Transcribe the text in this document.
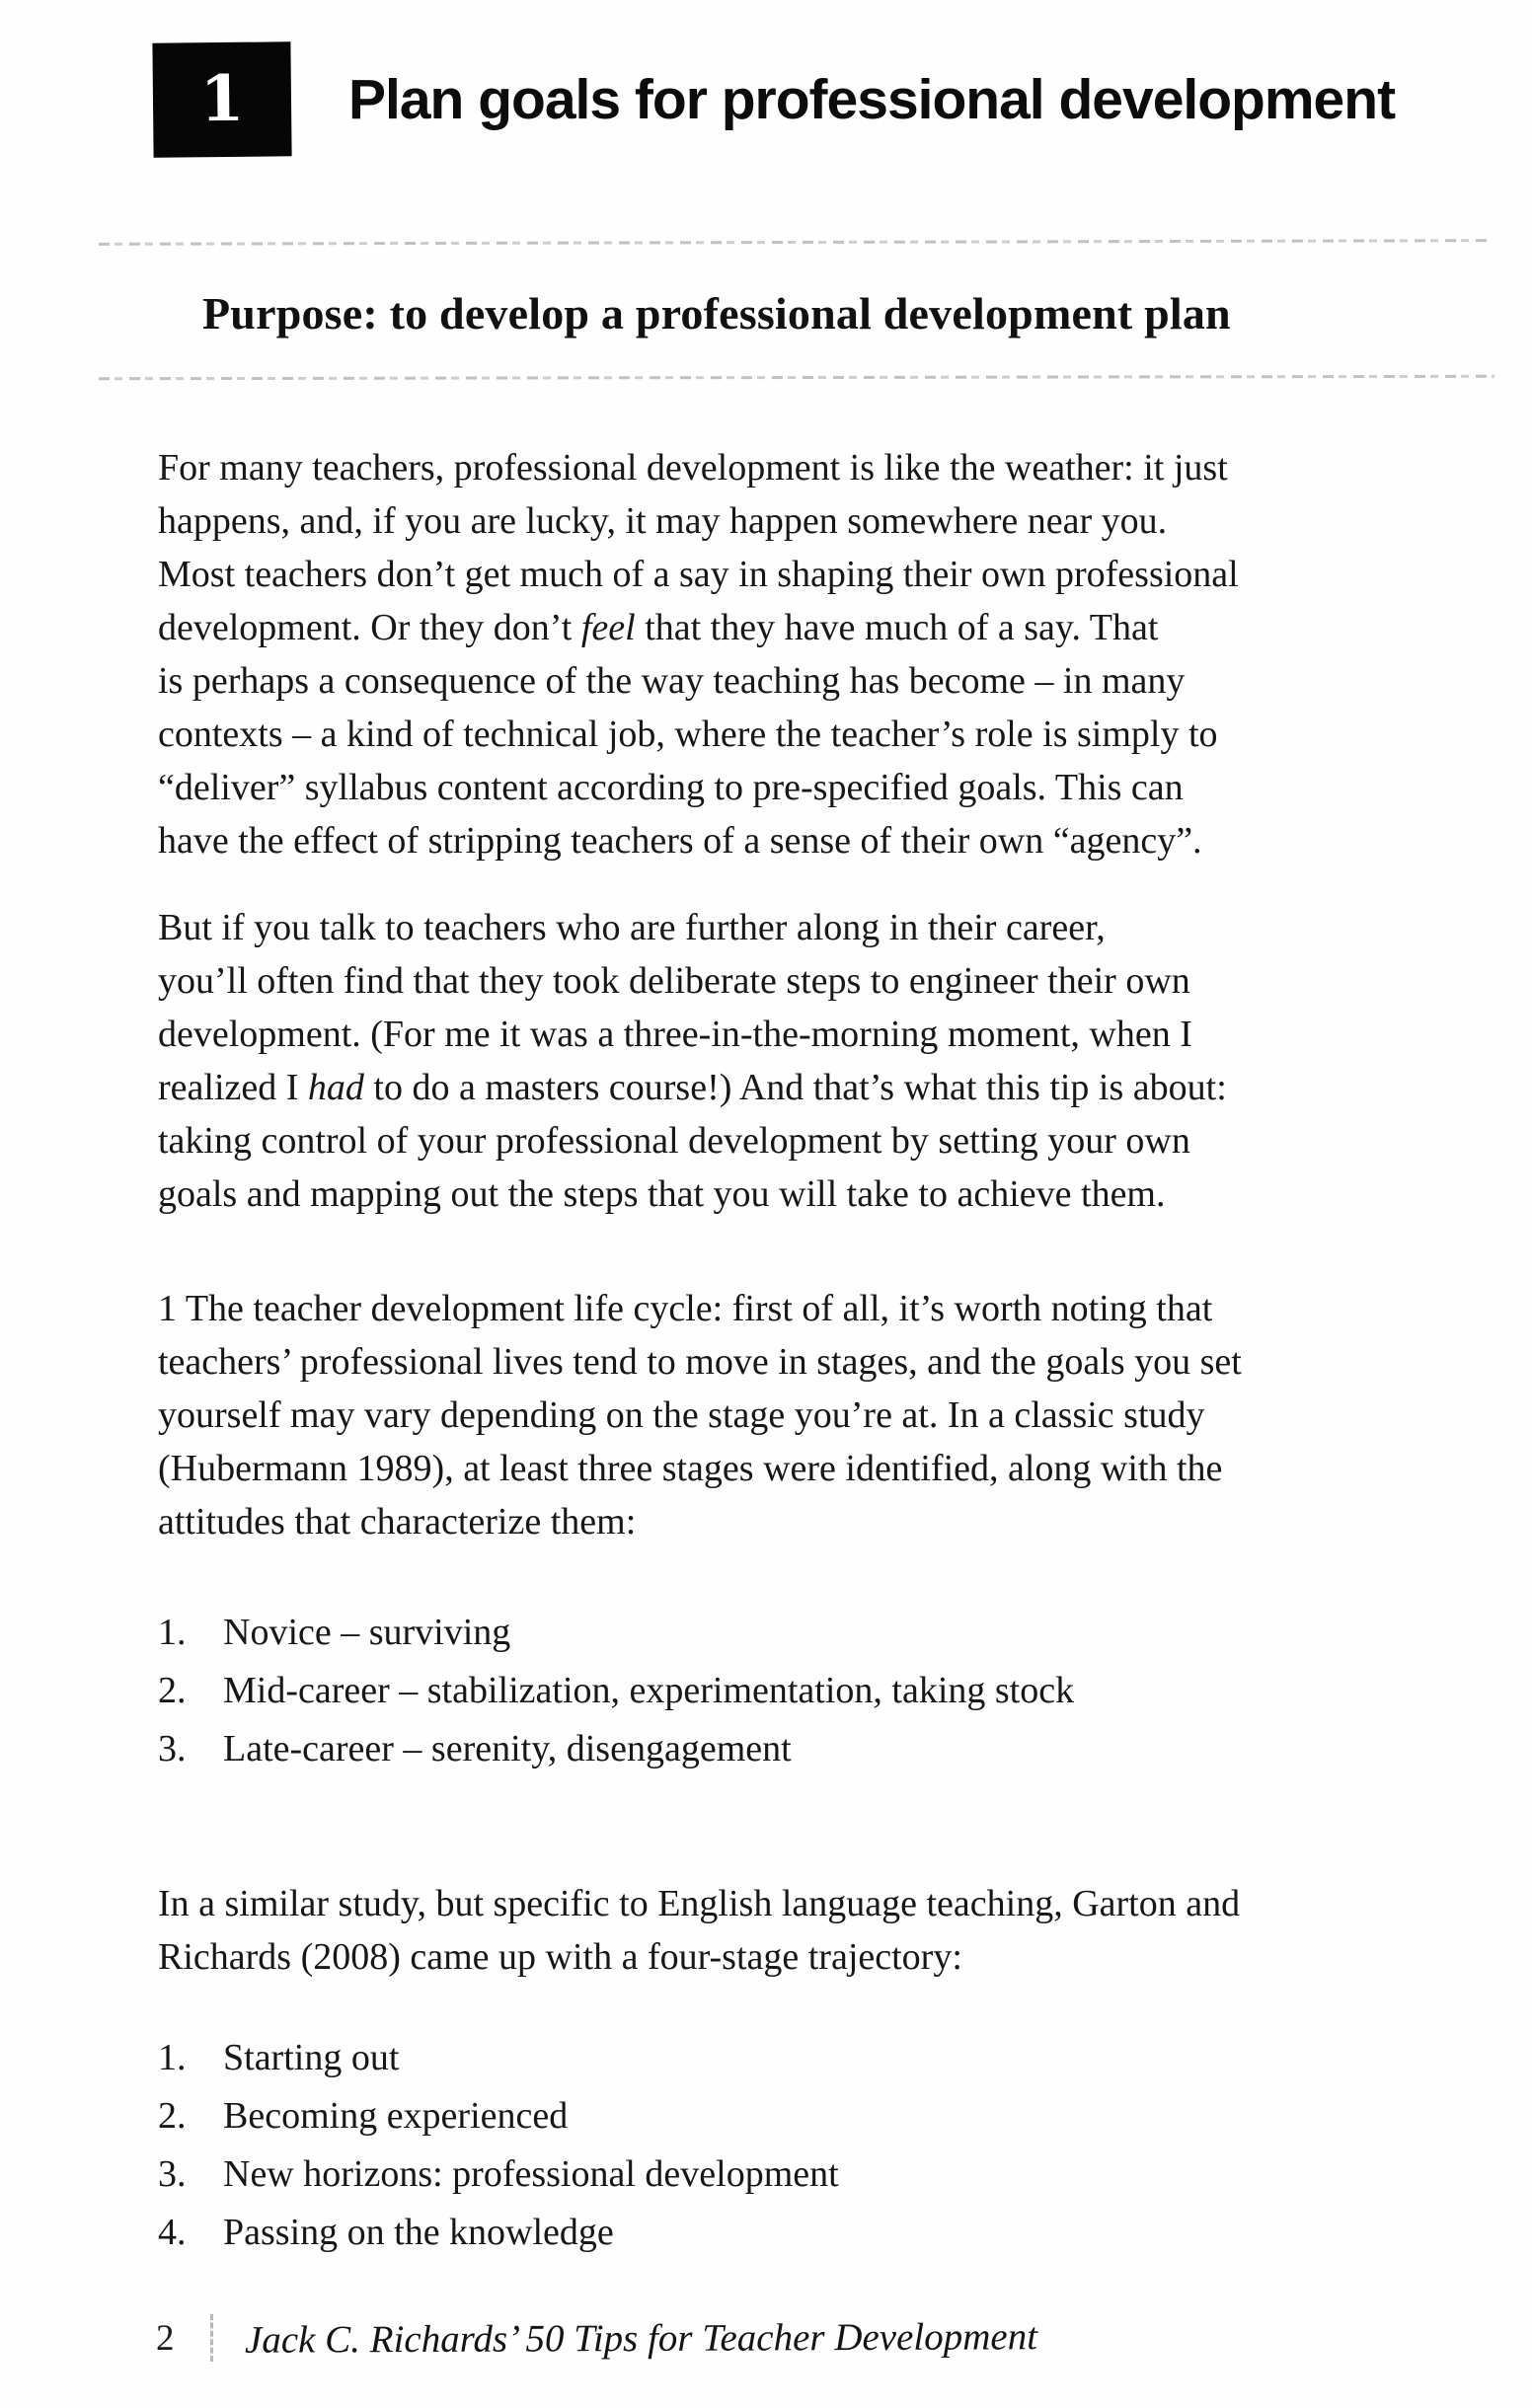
1 Plan goals for professional development
Purpose: to develop a professional development plan

For many teachers, professional development is like the weather: it just
happens, and, if you are lucky, it may happen somewhere near you.
Most teachers don’t get much of a say in shaping their own professional
development. Or they don’t feel that they have much of a say. That
is perhaps a consequence of the way teaching has become – in many
contexts – a kind of technical job, where the teacher’s role is simply to
“deliver” syllabus content according to pre-specified goals. This can
have the effect of stripping teachers of a sense of their own “agency”.

But if you talk to teachers who are further along in their career,
you’ll often find that they took deliberate steps to engineer their own
development. (For me it was a three-in-the-morning moment, when I
realized I had to do a masters course!) And that’s what this tip is about:
taking control of your professional development by setting your own
goals and mapping out the steps that you will take to achieve them.

1 The teacher development life cycle: first of all, it’s worth noting that
teachers’ professional lives tend to move in stages, and the goals you set
yourself may vary depending on the stage you’re at. In a classic study
(Hubermann 1989), at least three stages were identified, along with the
attitudes that characterize them:

1. Novice – surviving
2. Mid-career – stabilization, experimentation, taking stock
3. Late-career – serenity, disengagement

In a similar study, but specific to English language teaching, Garton and
Richards (2008) came up with a four-stage trajectory:

1. Starting out
2. Becoming experienced
3. New horizons: professional development
4. Passing on the knowledge

2 Jack C. Richards’ 50 Tips for Teacher Development
